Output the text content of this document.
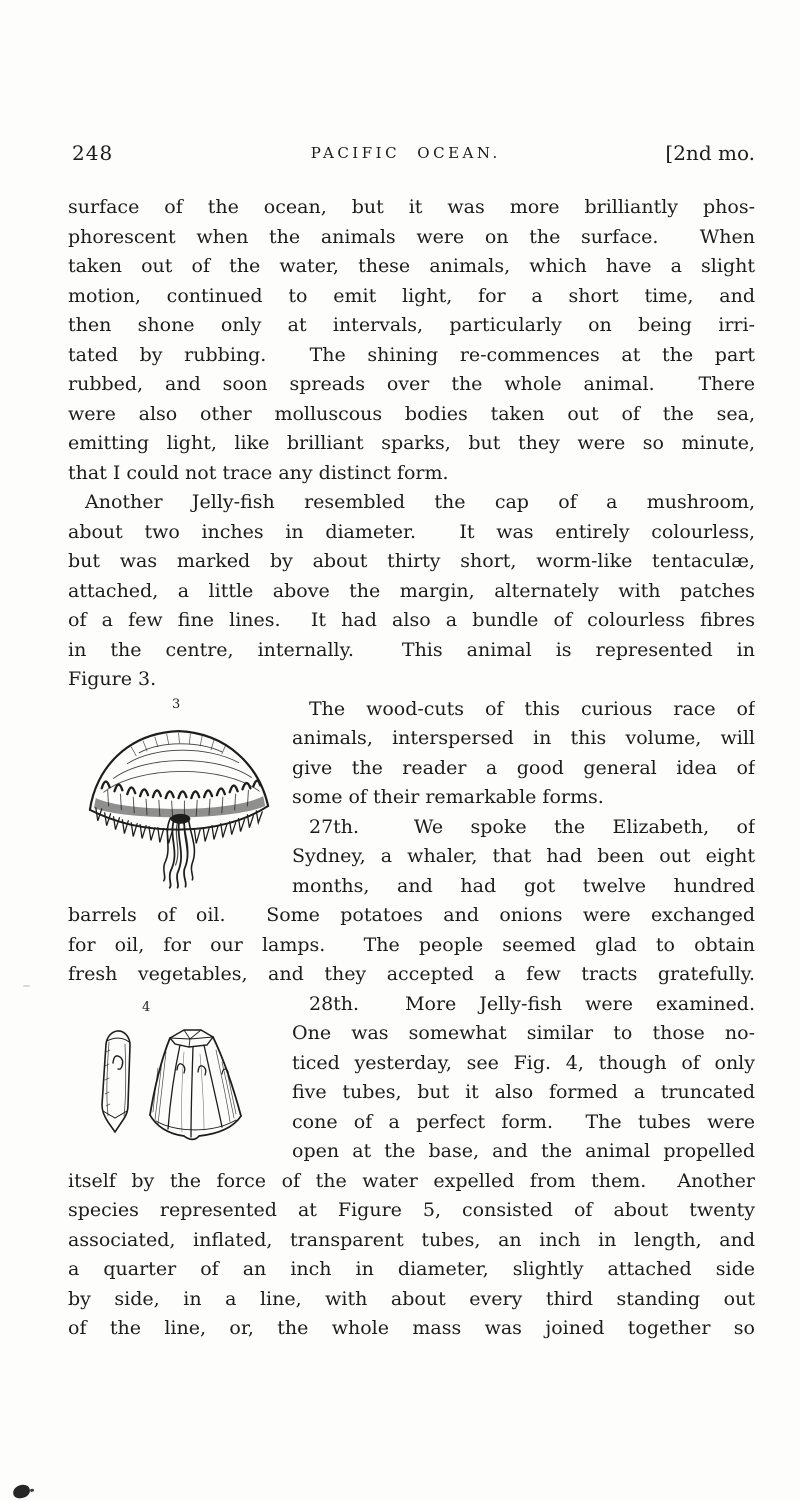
248	PACIFIC OCEAN.	[2nd mo.
surface of the ocean, but it was more brilliantly phos-
phorescent when the animals were on the surface.  When
taken out of the water, these animals, which have a slight
motion, continued to emit light, for a short time, and
then shone only at intervals, particularly on being irri-
tated by rubbing.  The shining re-commences at the part
rubbed, and soon spreads over the whole animal.  There
were also other molluscous bodies taken out of the sea,
emitting light, like brilliant sparks, but they were so minute,
that I could not trace any distinct form.
Another Jelly-fish resembled the cap of a mushroom,
about two inches in diameter.  It was entirely colourless,
but was marked by about thirty short, worm-like tentaculæ,
attached, a little above the margin, alternately with patches
of a few fine lines.  It had also a bundle of colourless fibres
in the centre, internally.  This animal is represented in
Figure 3.
3	The wood-cuts of this curious race of
animals, interspersed in this volume, will
give the reader a good general idea of
some of their remarkable forms.
27th.  We spoke the Elizabeth, of
Sydney, a whaler, that had been out eight
months, and had got twelve hundred
barrels of oil.  Some potatoes and onions were exchanged
for oil, for our lamps.  The people seemed glad to obtain
fresh vegetables, and they accepted a few tracts gratefully.
4	28th.  More Jelly-fish were examined.
One was somewhat similar to those no-
ticed yesterday, see Fig. 4, though of only
five tubes, but it also formed a truncated
cone of a perfect form.  The tubes were
open at the base, and the animal propelled
itself by the force of the water expelled from them.  Another
species represented at Figure 5, consisted of about twenty
associated, inflated, transparent tubes, an inch in length, and
a quarter of an inch in diameter, slightly attached side
by side, in a line, with about every third standing out
of the line, or, the whole mass was joined together so
